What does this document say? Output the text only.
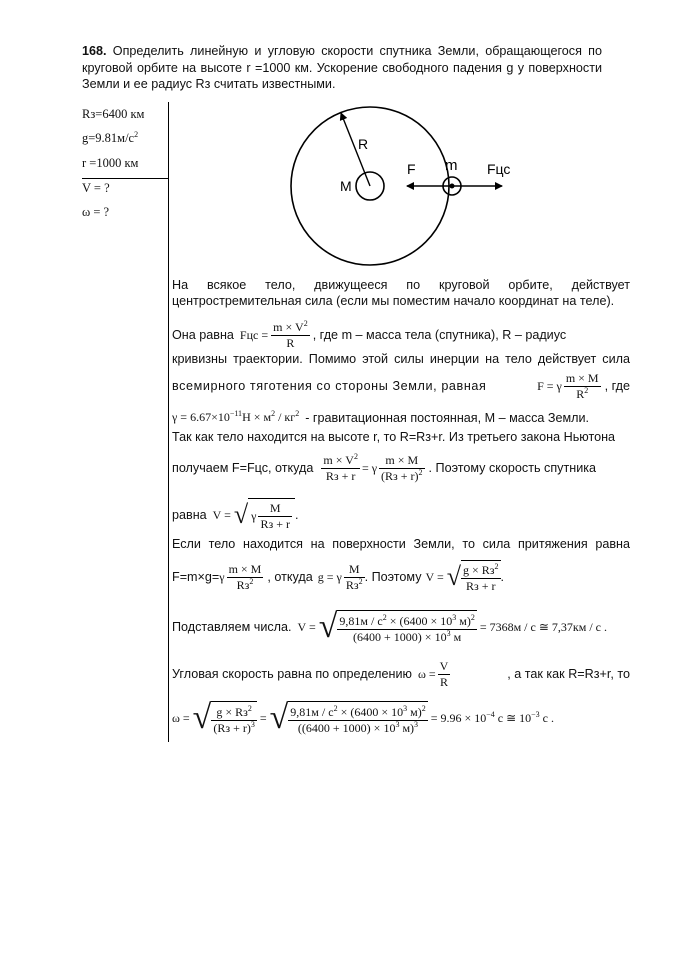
168. Определить линейную и угловую скорости спутника Земли, обращающегося по
круговой орбите на высоте r =1000 км. Ускорение свободного падения g у поверхности
Земли и ее радиус Rз считать известными.
Rз=6400 км
$g=9.81м/с^2$
r =1000 км
V = ?
ω = ?
R
M
m
F	Fцс
На всякое тело, движущееся по круговой орбите, действует
центростремительная сила (если мы поместим начало координат на теле).
Она равна Fцс = $\frac{m \times V^2}{R}$ , где m – масса тела (спутника), R – радиус
кривизны траектории. Помимо этой силы инерции на тело действует сила
всемирного тяготения со стороны Земли, равная	F = γ $\frac{m \times M}{R^2}$ , где
$\gamma = 6.67\times 10^{-11}Н \times м^2 / кг^2$ - гравитационная постоянная, M – масса Земли.
Так как тело находится на высоте r, то R=Rз+r. Из третьего закона Ньютона
получаем F=Fцс, откуда $\frac{m \times V^2}{Rз + r} = \gamma \frac{m \times M}{(Rз + r)^2}$ . Поэтому скорость спутника
равна V = √ γ $\frac{M}{Rз + r}$ .
Если тело находится на поверхности Земли, то сила притяжения равна
F=m×g= γ $\frac{m \times M}{Rз^2}$ , откуда g = γ $\frac{M}{Rз^2}$ . Поэтому V = √ $\frac{g \times Rз^2}{Rз + r}$ .
Подставляем числа. V = √ $\frac{9,81м / с^2 \times (6400 \times 10^3 м)^2}{(6400 + 1000) \times 10^3 м} = 7368м / с$ ≅ 7,37км / с .
Угловая скорость равна по определению $\omega = \frac{V}{R}$	, а так как R=Rз+r, то
ω = √ $\frac{g \times Rз^2}{(Rз + r)^3}$ = √ $\frac{9,81м / с^2 \times (6400 \times 10^3 м)^2}{((6400 + 1000) \times 10^3 м)^3} = 9.96 \times 10^{-4}$ с ≅ $10^{-3}$ с .
